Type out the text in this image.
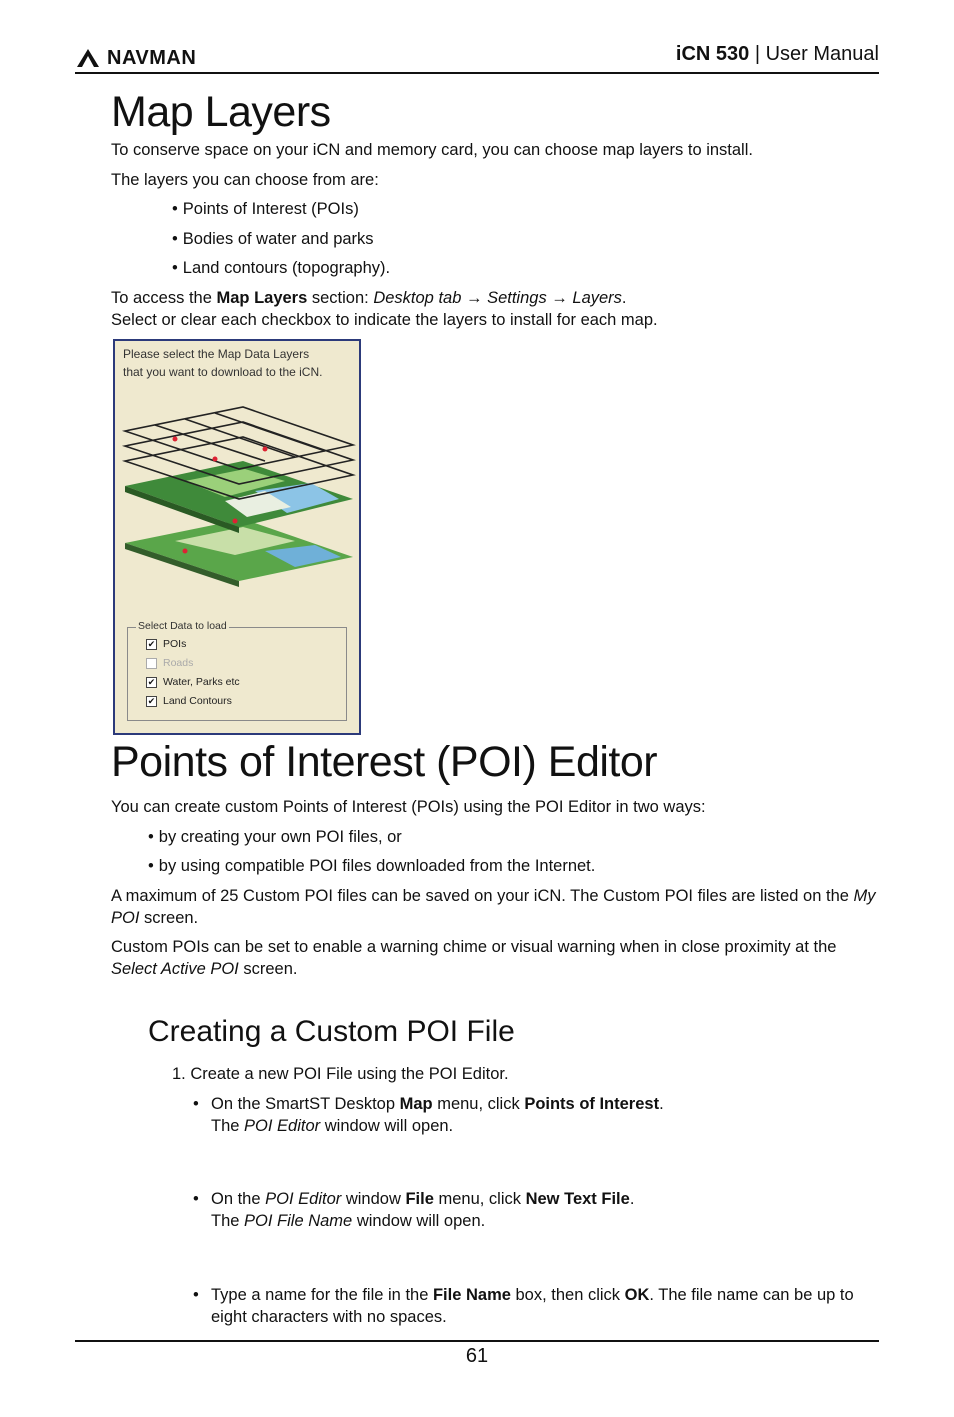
NAVMAN	iCN 530 | User Manual
Map Layers

To conserve space on your iCN and memory card, you can choose map layers to install.

The layers you can choose from are:

• Points of Interest (POIs)

• Bodies of water and parks

• Land contours (topography).

To access the Map Layers section: Desktop tab → Settings → Layers.

Select or clear each checkbox to indicate the layers to install for each map.

Please select the Map Data Layers that you want to download to the iCN.
Select Data to load
✔ POIs
Roads
✔ Water, Parks etc
✔ Land Contours
Points of Interest (POI) Editor

You can create custom Points of Interest (POIs) using the POI Editor in two ways:

• by creating your own POI files, or

• by using compatible POI files downloaded from the Internet.

A maximum of 25 Custom POI files can be saved on your iCN. The Custom POI files are listed on the My POI screen.

Custom POIs can be set to enable a warning chime or visual warning when in close proximity at the Select Active POI screen.

Creating a Custom POI File

1. Create a new POI File using the POI Editor.

• On the SmartST Desktop Map menu, click Points of Interest.
The POI Editor window will open.
• On the POI Editor window File menu, click New Text File.
The POI File Name window will open.
• Type a name for the file in the File Name box, then click OK. The file name can be up to eight characters with no spaces.
61
